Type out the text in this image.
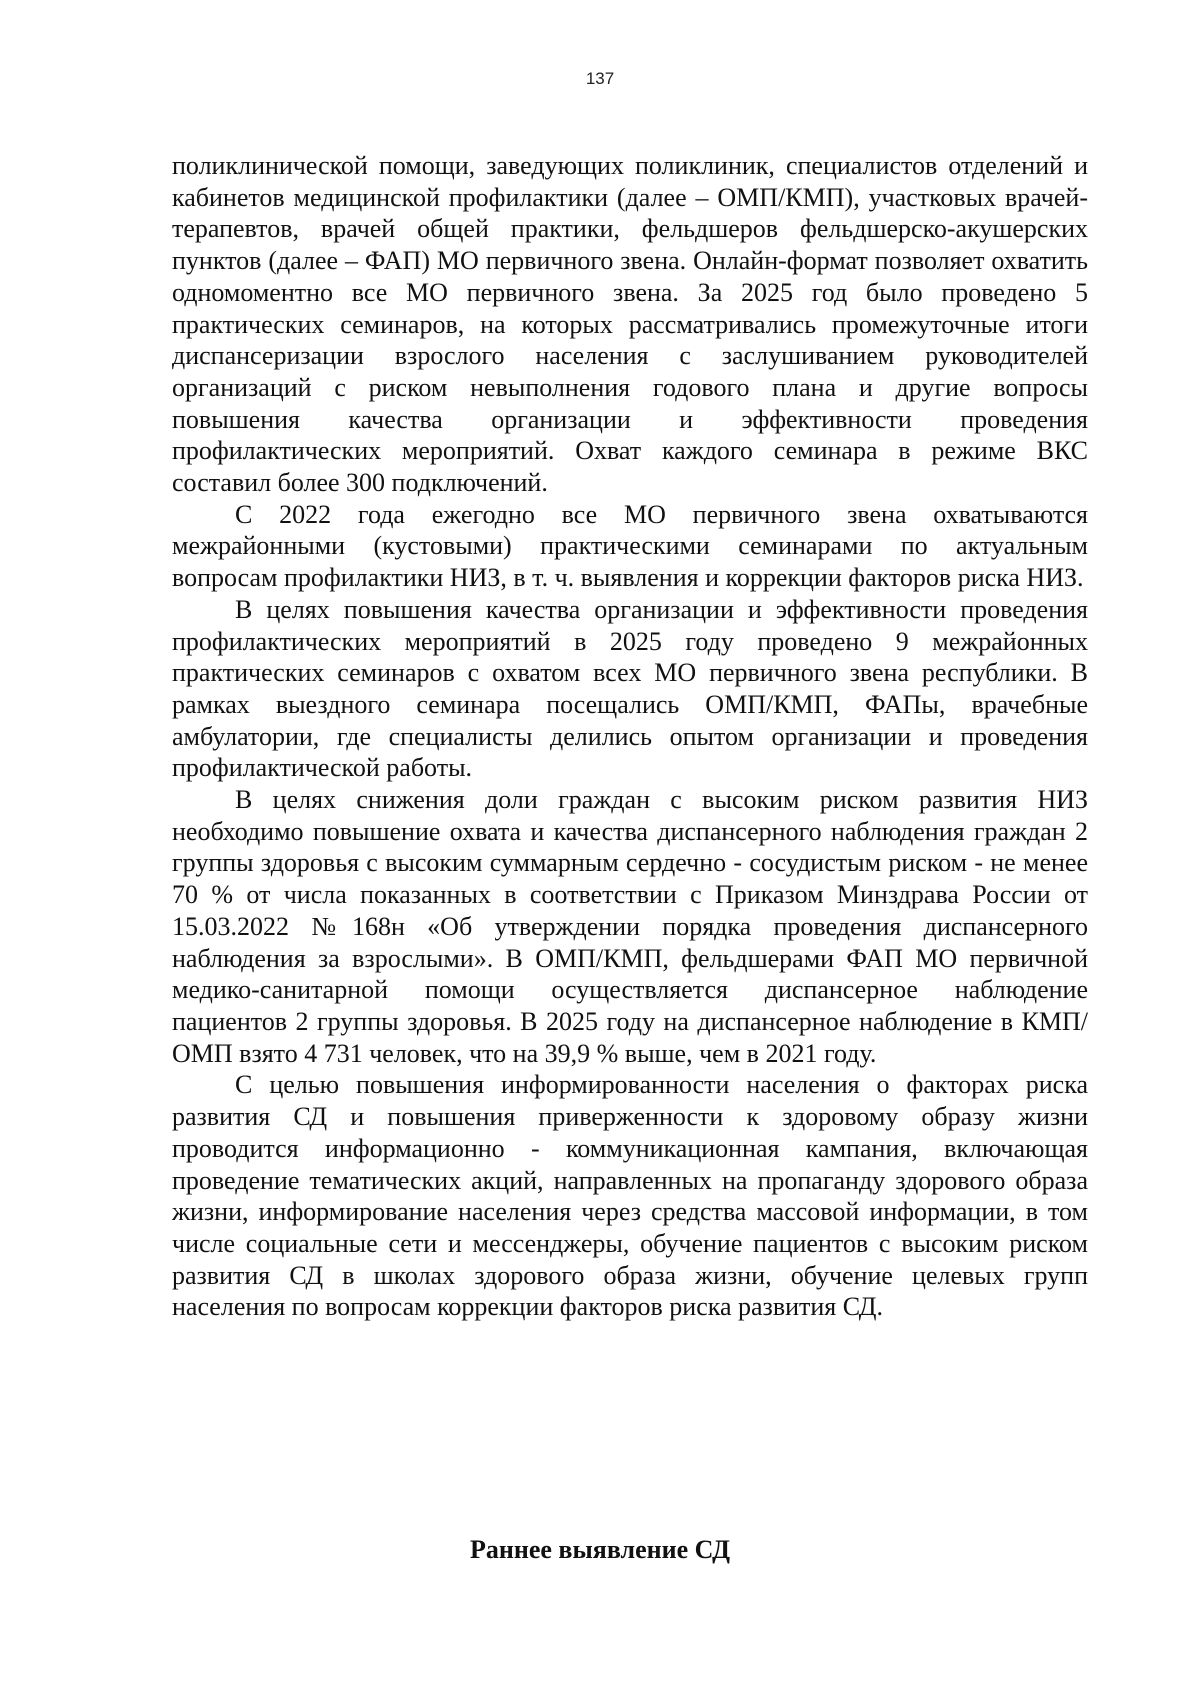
137

поликлинической помощи, заведующих поликлиник, специалистов отделений и кабинетов медицинской профилактики (далее – ОМП/КМП), участковых врачей-терапевтов, врачей общей практики, фельдшеров фельдшерско-акушерских пунктов (далее – ФАП) МО первичного звена. Онлайн-формат позволяет охватить одномоментно все МО первичного звена. За 2025 год было проведено 5 практических семинаров, на которых рассматривались промежуточные итоги диспансеризации взрослого населения с заслушиванием руководителей организаций с риском невыполнения годового плана и другие вопросы повышения качества организации и эффективности проведения профилактических мероприятий. Охват каждого семинара в режиме ВКС составил более 300 подключений.

С 2022 года ежегодно все МО первичного звена охватываются межрайонными (кустовыми) практическими семинарами по актуальным вопросам профилактики НИЗ, в т. ч. выявления и коррекции факторов риска НИЗ.

В целях повышения качества организации и эффективности проведения профилактических мероприятий в 2025 году проведено 9 межрайонных практических семинаров с охватом всех МО первичного звена республики. В рамках выездного семинара посещались ОМП/КМП, ФАПы, врачебные амбулатории, где специалисты делились опытом организации и проведения профилактической работы.

В целях снижения доли граждан с высоким риском развития НИЗ необходимо повышение охвата и качества диспансерного наблюдения граждан 2 группы здоровья с высоким суммарным сердечно - сосудистым риском - не менее 70 % от числа показанных в соответствии с Приказом Минздрава России от 15.03.2022 №168н «Об утверждении порядка проведения диспансерного наблюдения за взрослыми». В ОМП/КМП, фельдшерами ФАП МО первичной медико-санитарной помощи осуществляется диспансерное наблюдение пациентов 2 группы здоровья. В 2025 году на диспансерное наблюдение в КМП/ОМП взято 4 731 человек, что на 39,9 % выше, чем в 2021 году.

С целью повышения информированности населения о факторах риска развития СД и повышения приверженности к здоровому образу жизни проводится информационно - коммуникационная кампания, включающая проведение тематических акций, направленных на пропаганду здорового образа жизни, информирование населения через средства массовой информации, в том числе социальные сети и мессенджеры, обучение пациентов с высоким риском развития СД в школах здорового образа жизни, обучение целевых групп населения по вопросам коррекции факторов риска развития СД.

Раннее выявление СД
